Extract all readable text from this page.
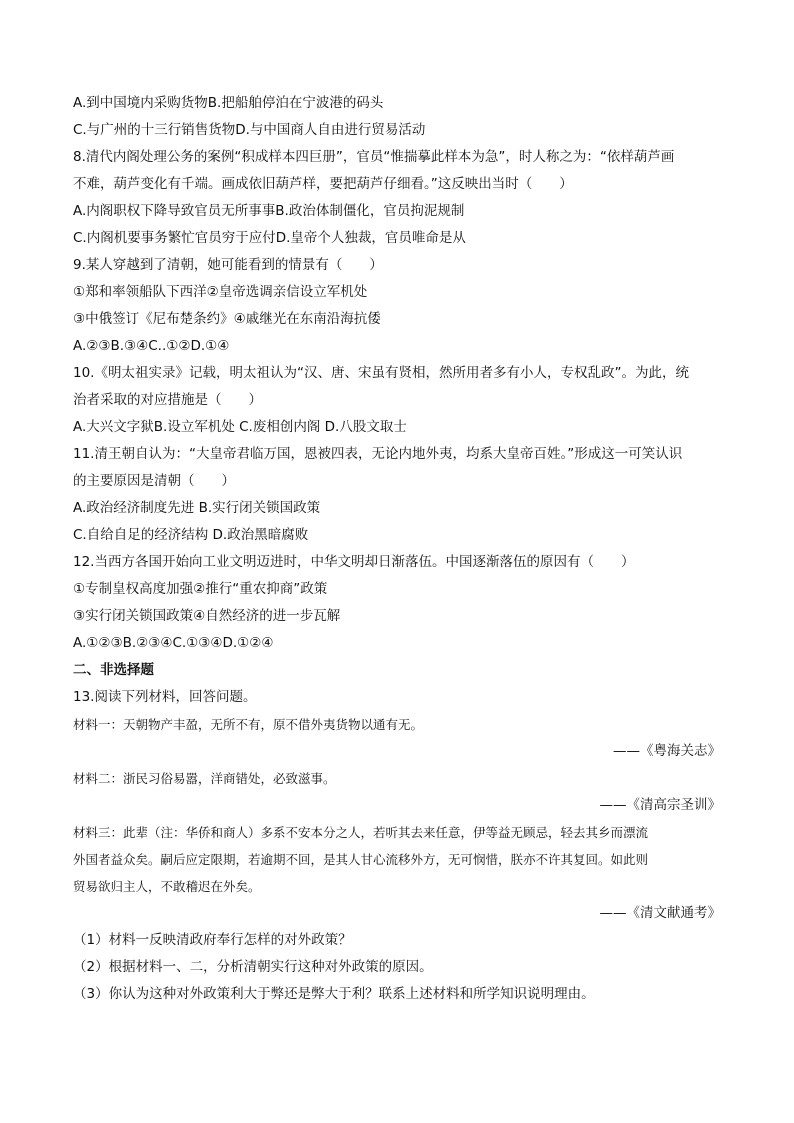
A.到中国境内采购货物B.把船舶停泊在宁波港的码头
C.与广州的十三行销售货物D.与中国商人自由进行贸易活动
8.清代内阁处理公务的案例“积成样本四巨册”，官员“惟揣摹此样本为急”，时人称之为：“依样葫芦画
不难，葫芦变化有千端。画成依旧葫芦样，要把葫芦仔细看。”这反映出当时（　　）
A.内阁职权下降导致官员无所事事B.政治体制僵化，官员拘泥规制
C.内阁机要事务繁忙官员穷于应付D.皇帝个人独裁，官员唯命是从
9.某人穿越到了清朝，她可能看到的情景有（　　）
①郑和率领船队下西洋②皇帝选调亲信设立军机处
③中俄签订《尼布楚条约》④戚继光在东南沿海抗倭
A.②③B.③④C..①②D.①④
10.《明太祖实录》记载，明太祖认为“汉、唐、宋虽有贤相，然所用者多有小人，专权乱政”。为此，统
治者采取的对应措施是（　　）
A.大兴文字狱B.设立军机处 C.废相创内阁 D.八股文取士
11.清王朝自认为：“大皇帝君临万国，恩被四表，无论内地外夷，均系大皇帝百姓。”形成这一可笑认识
的主要原因是清朝（　　）
A.政治经济制度先进 B.实行闭关锁国政策
C.自给自足的经济结构 D.政治黑暗腐败
12.当西方各国开始向工业文明迈进时，中华文明却日渐落伍。中国逐渐落伍的原因有（　　）
①专制皇权高度加强②推行“重农抑商”政策
③实行闭关锁国政策④自然经济的进一步瓦解
A.①②③B.②③④C.①③④D.①②④
二、非选择题
13.阅读下列材料，回答问题。
材料一：天朝物产丰盈，无所不有，原不借外夷货物以通有无。
——《粤海关志》
材料二：浙民习俗易嚣，洋商错处，必致滋事。
——《清高宗圣训》
材料三：此辈（注：华侨和商人）多系不安本分之人，若听其去来任意，伊等益无顾忌，轻去其乡而漂流
外国者益众矣。嗣后应定限期，若逾期不回，是其人甘心流移外方，无可悯惜，朕亦不许其复回。如此则
贸易欲归主人，不敢稽迟在外矣。
——《清文献通考》
（1）材料一反映清政府奉行怎样的对外政策？
（2）根据材料一、二，分析清朝实行这种对外政策的原因。
（3）你认为这种对外政策利大于弊还是弊大于利？联系上述材料和所学知识说明理由。
